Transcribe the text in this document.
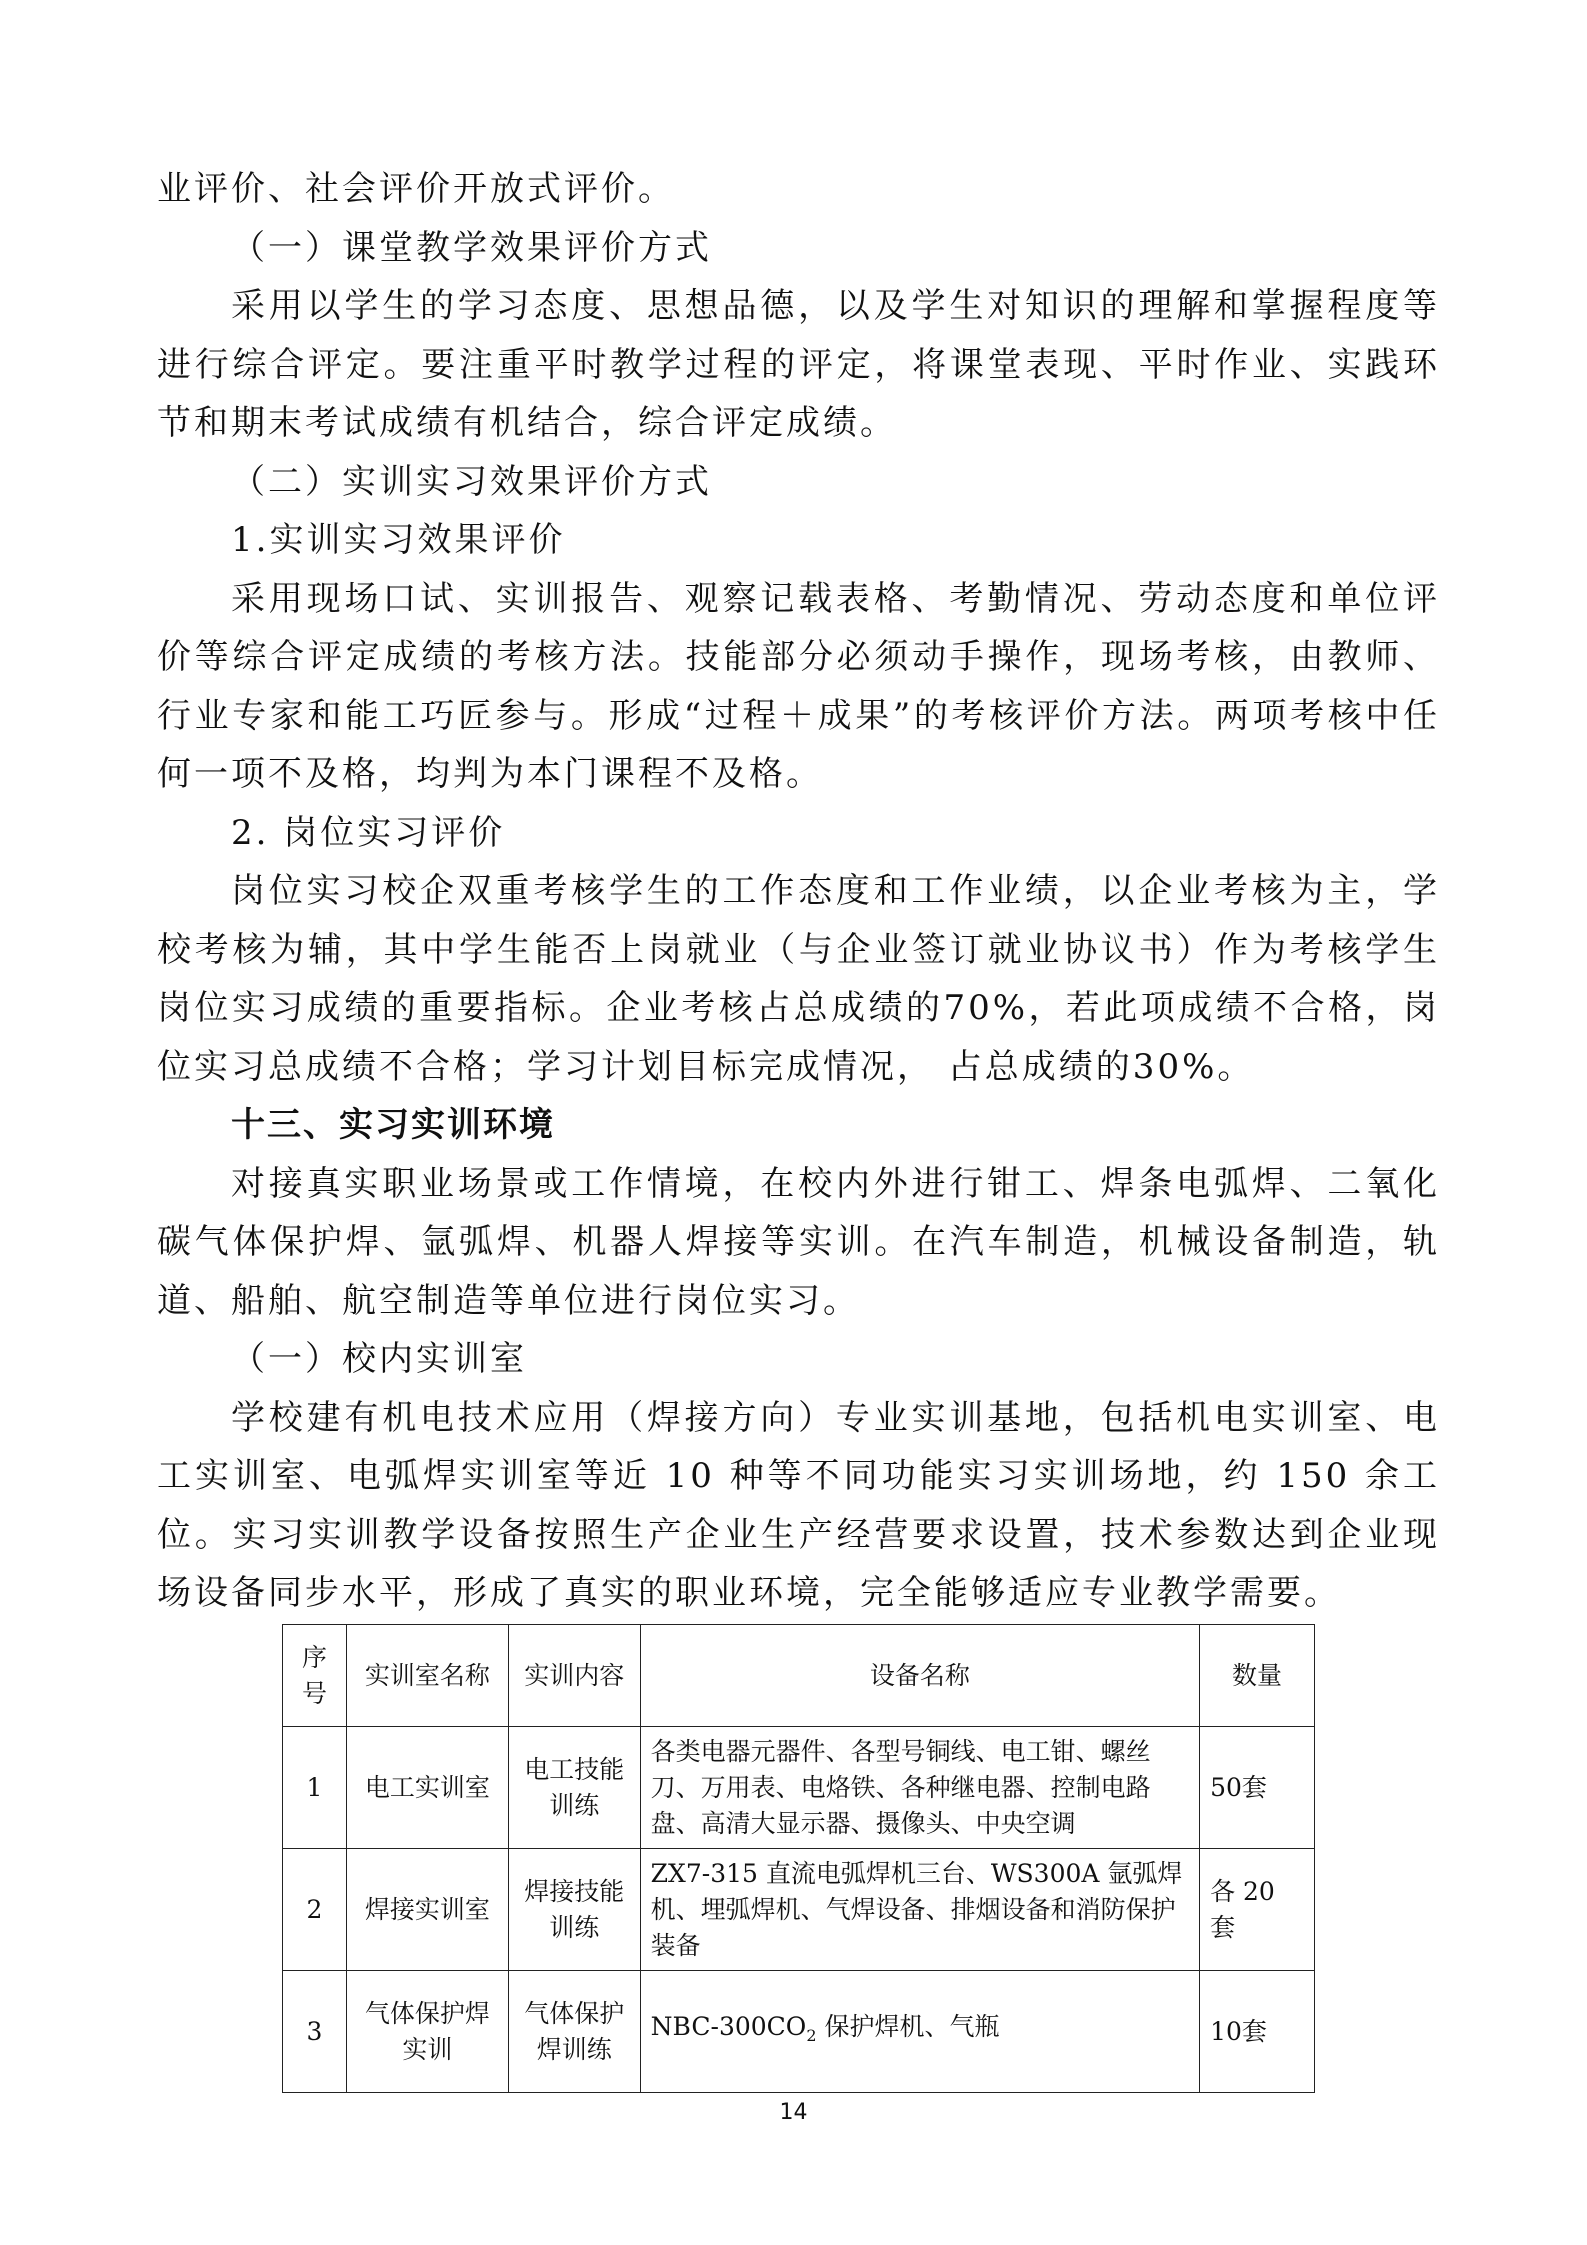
业评价、社会评价开放式评价。

（一）课堂教学效果评价方式

采用以学生的学习态度、思想品德，以及学生对知识的理解和掌握程度等进行综合评定。要注重平时教学过程的评定，将课堂表现、平时作业、实践环节和期末考试成绩有机结合，综合评定成绩。

（二）实训实习效果评价方式

1.实训实习效果评价

采用现场口试、实训报告、观察记载表格、考勤情况、劳动态度和单位评价等综合评定成绩的考核方法。技能部分必须动手操作，现场考核，由教师、行业专家和能工巧匠参与。形成“过程＋成果”的考核评价方法。两项考核中任何一项不及格，均判为本门课程不及格。

2. 岗位实习评价

岗位实习校企双重考核学生的工作态度和工作业绩，以企业考核为主，学校考核为辅，其中学生能否上岗就业（与企业签订就业协议书）作为考核学生岗位实习成绩的重要指标。企业考核占总成绩的70%，若此项成绩不合格，岗位实习总成绩不合格；学习计划目标完成情况， 占总成绩的30%。

十三、实习实训环境

对接真实职业场景或工作情境，在校内外进行钳工、焊条电弧焊、二氧化碳气体保护焊、氩弧焊、机器人焊接等实训。在汽车制造，机械设备制造，轨道、船舶、航空制造等单位进行岗位实习。

（一）校内实训室

学校建有机电技术应用（焊接方向）专业实训基地，包括机电实训室、电工实训室、电弧焊实训室等近 10 种等不同功能实习实训场地，约 150 余工位。实习实训教学设备按照生产企业生产经营要求设置，技术参数达到企业现场设备同步水平，形成了真实的职业环境，完全能够适应专业教学需要。

序号	实训室名称	实训内容	设备名称	数量
1	电工实训室	电工技能训练	各类电器元器件、各型号铜线、电工钳、螺丝刀、万用表、电烙铁、各种继电器、控制电路盘、高清大显示器、摄像头、中央空调	50套
2	焊接实训室	焊接技能训练	ZX7-315 直流电弧焊机三台、WS300A 氩弧焊机、埋弧焊机、气焊设备、排烟设备和消防保护装备	各 20 套
3	气体保护焊实训	气体保护焊训练	NBC-$300CO_2$ 保护焊机、气瓶	10套
14
